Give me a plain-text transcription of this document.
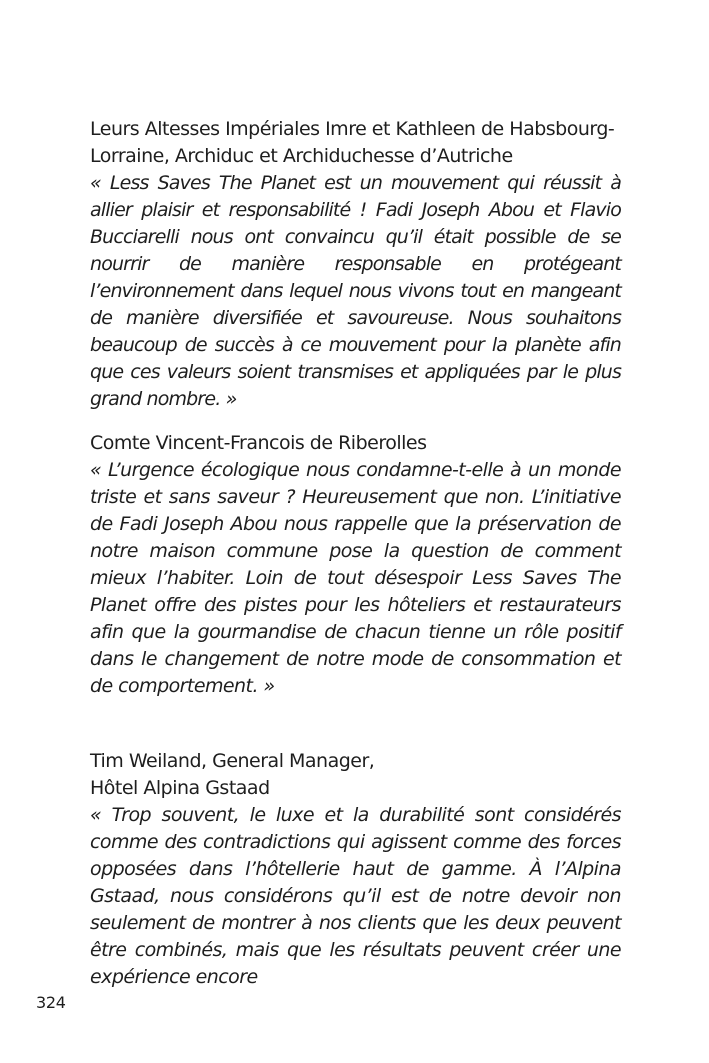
Leurs Altesses Impériales Imre et Kathleen de Habsbourg-Lorraine, Archiduc et Archiduchesse d’Autriche

« Less Saves The Planet est un mouvement qui réussit à allier plaisir et responsabilité ! Fadi Joseph Abou et Flavio Bucciarelli nous ont convaincu qu’il était possible de se nourrir de manière responsable en protégeant l’environnement dans lequel nous vivons tout en mangeant de manière diversifiée et savoureuse. Nous souhaitons beaucoup de succès à ce mouvement pour la planète afin que ces valeurs soient transmises et appliquées par le plus grand nombre. »

Comte Vincent-Francois de Riberolles

« L’urgence écologique nous condamne-t-elle à un monde triste et sans saveur ? Heureusement que non. L’initiative de Fadi Joseph Abou nous rappelle que la préservation de notre maison commune pose la question de comment mieux l’habiter. Loin de tout désespoir Less Saves The Planet offre des pistes pour les hôteliers et restaurateurs afin que la gourmandise de chacun tienne un rôle positif dans le changement de notre mode de consommation et de comportement. »

Tim Weiland, General Manager,

Hôtel Alpina Gstaad

« Trop souvent, le luxe et la durabilité sont considérés comme des contradictions qui agissent comme des forces opposées dans l’hôtellerie haut de gamme. À l’Alpina Gstaad, nous considérons qu’il est de notre devoir non seulement de montrer à nos clients que les deux peuvent être combinés, mais que les résultats peuvent créer une expérience encore

324
